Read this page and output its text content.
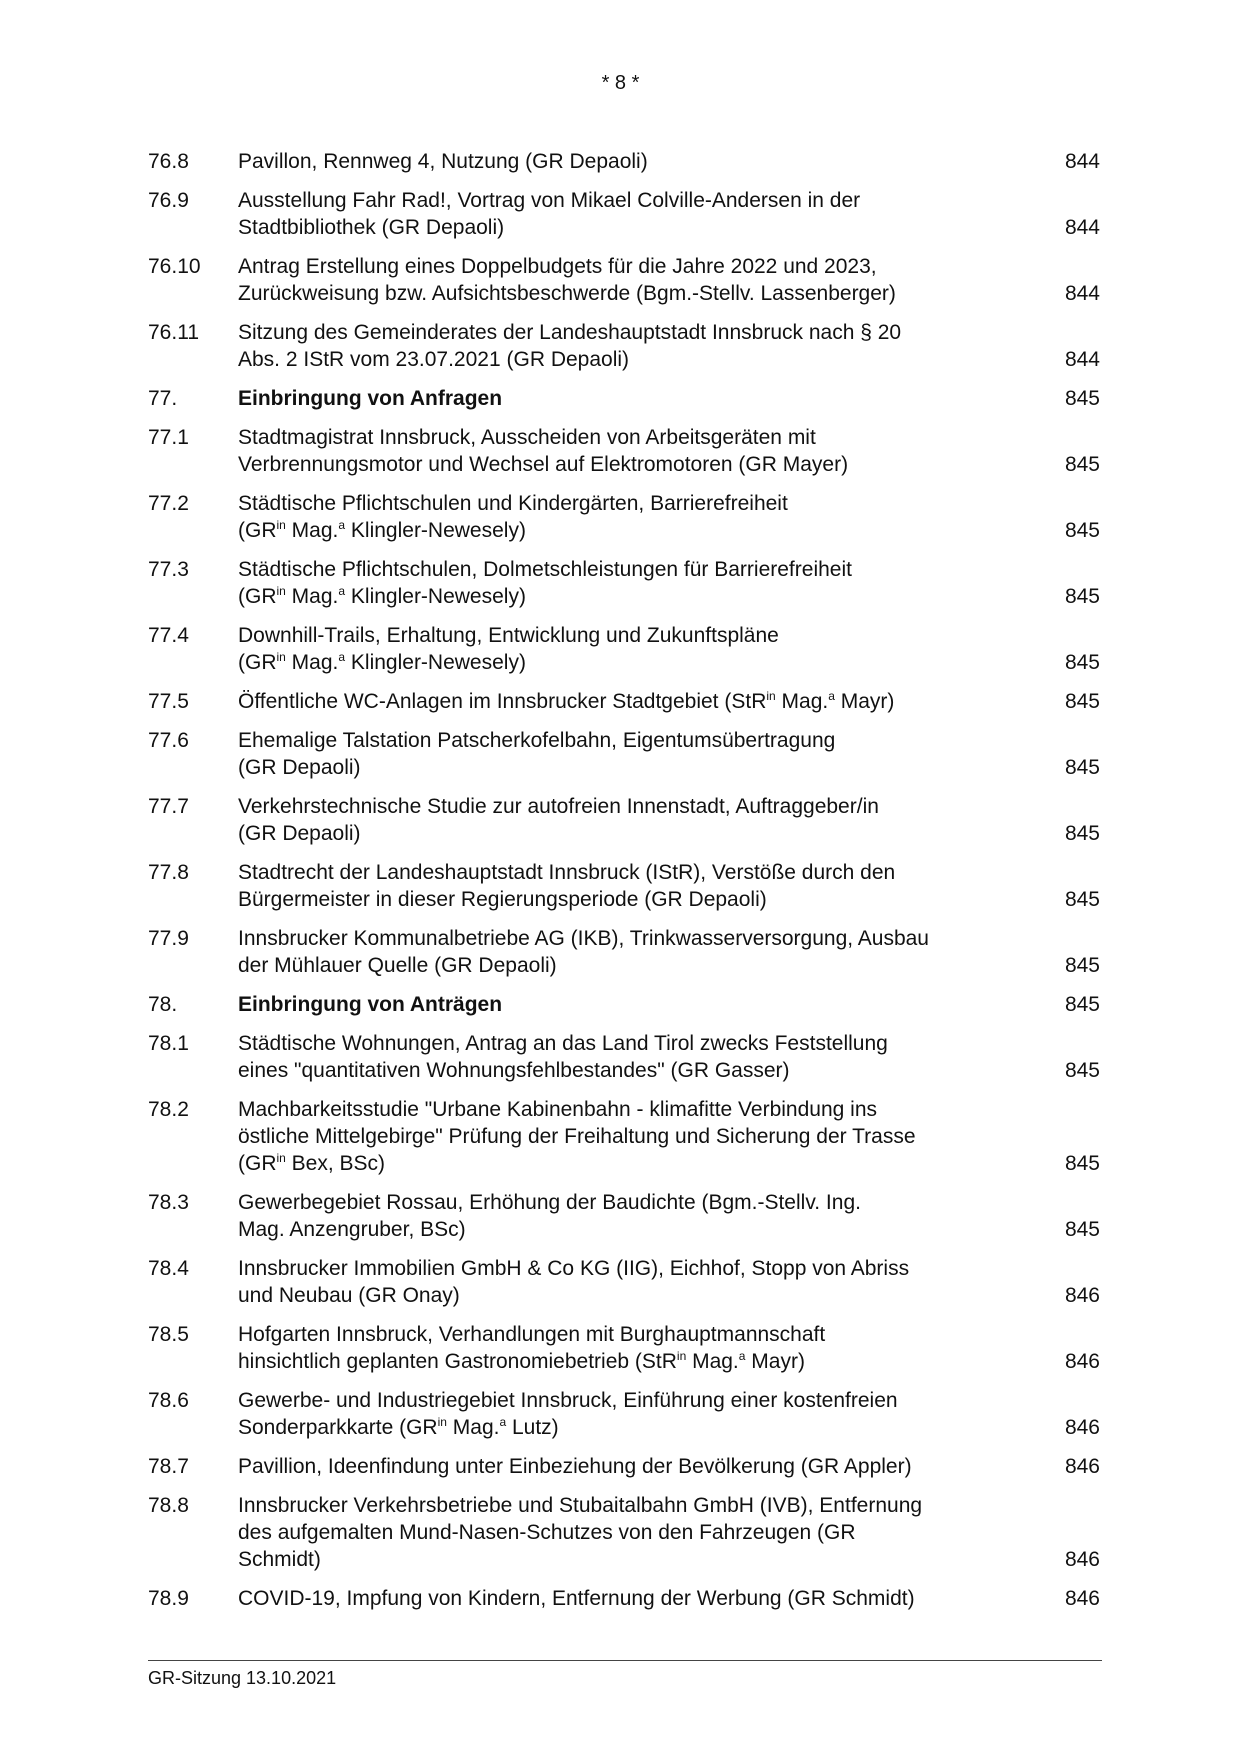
* 8 *
76.8	Pavillon, Rennweg 4, Nutzung (GR Depaoli)	844
76.9	Ausstellung Fahr Rad!, Vortrag von Mikael Colville-Andersen in der
Stadtbibliothek (GR Depaoli)	844
76.10	Antrag Erstellung eines Doppelbudgets für die Jahre 2022 und 2023,
Zurückweisung bzw. Aufsichtsbeschwerde (Bgm.-Stellv. Lassenberger)	844
76.11	Sitzung des Gemeinderates der Landeshauptstadt Innsbruck nach § 20
Abs. 2 IStR vom 23.07.2021 (GR Depaoli)	844
77.	Einbringung von Anfragen	845
77.1	Stadtmagistrat Innsbruck, Ausscheiden von Arbeitsgeräten mit
Verbrennungsmotor und Wechsel auf Elektromotoren (GR Mayer)	845
77.2	Städtische Pflichtschulen und Kindergärten, Barrierefreiheit
($GR^{in}$ Mag.$^a$ Klingler-Newesely)	845
77.3	Städtische Pflichtschulen, Dolmetschleistungen für Barrierefreiheit
($GR^{in}$ Mag.$^a$ Klingler-Newesely)	845
77.4	Downhill-Trails, Erhaltung, Entwicklung und Zukunftspläne
($GR^{in}$ Mag.$^a$ Klingler-Newesely)	845
77.5	Öffentliche WC-Anlagen im Innsbrucker Stadtgebiet (StR$^{in}$ Mag.$^a$ Mayr)	845
77.6	Ehemalige Talstation Patscherkofelbahn, Eigentumsübertragung
(GR Depaoli)	845
77.7	Verkehrstechnische Studie zur autofreien Innenstadt, Auftraggeber/in
(GR Depaoli)	845
77.8	Stadtrecht der Landeshauptstadt Innsbruck (IStR), Verstöße durch den
Bürgermeister in dieser Regierungsperiode (GR Depaoli)	845
77.9	Innsbrucker Kommunalbetriebe AG (IKB), Trinkwasserversorgung, Ausbau
der Mühlauer Quelle (GR Depaoli)	845
78.	Einbringung von Anträgen	845
78.1	Städtische Wohnungen, Antrag an das Land Tirol zwecks Feststellung
eines "quantitativen Wohnungsfehlbestandes" (GR Gasser)	845
78.2	Machbarkeitsstudie "Urbane Kabinenbahn - klimafitte Verbindung ins
östliche Mittelgebirge" Prüfung der Freihaltung und Sicherung der Trasse
($GR^{in}$ Bex, BSc)	845
78.3	Gewerbegebiet Rossau, Erhöhung der Baudichte (Bgm.-Stellv. Ing.
Mag. Anzengruber, BSc)	845
78.4	Innsbrucker Immobilien GmbH & Co KG (IIG), Eichhof, Stopp von Abriss
und Neubau (GR Onay)	846
78.5	Hofgarten Innsbruck, Verhandlungen mit Burghauptmannschaft
hinsichtlich geplanten Gastronomiebetrieb (StR$^{in}$ Mag.$^a$ Mayr)	846
78.6	Gewerbe- und Industriegebiet Innsbruck, Einführung einer kostenfreien
Sonderparkkarte ($GR^{in}$ Mag.$^a$ Lutz)	846
78.7	Pavillion, Ideenfindung unter Einbeziehung der Bevölkerung (GR Appler)	846
78.8	Innsbrucker Verkehrsbetriebe und Stubaitalbahn GmbH (IVB), Entfernung
des aufgemalten Mund-Nasen-Schutzes von den Fahrzeugen (GR
Schmidt)	846
78.9	COVID-19, Impfung von Kindern, Entfernung der Werbung (GR Schmidt)	846
GR-Sitzung 13.10.2021
